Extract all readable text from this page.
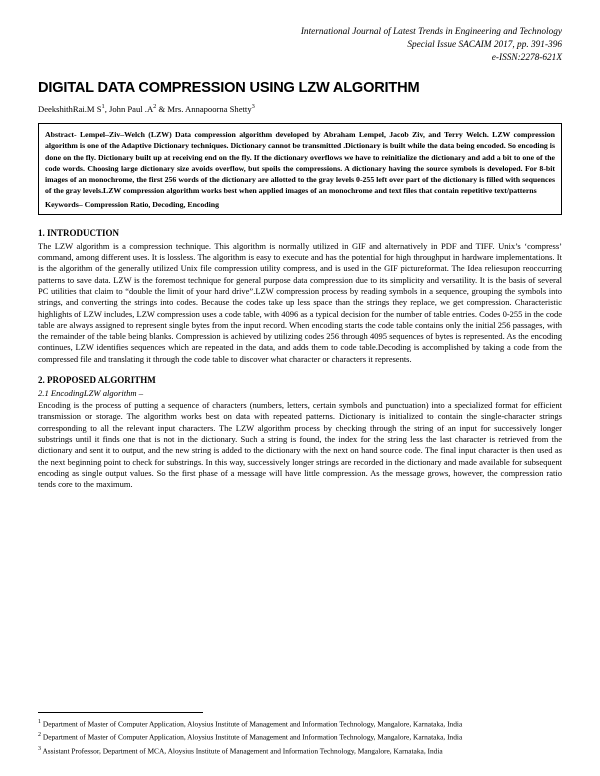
International Journal of Latest Trends in Engineering and Technology
Special Issue SACAIM 2017, pp. 391-396
e-ISSN:2278-621X
DIGITAL DATA COMPRESSION USING LZW ALGORITHM
DeekshithRai.M $S^1$, John Paul $.A^2$ & Mrs. Annapoorna Shetty$^3$

Abstract- Lempel–Ziv–Welch (LZW) Data compression algorithm developed by Abraham Lempel, Jacob Ziv, and Terry Welch. LZW compression algorithm is one of the Adaptive Dictionary techniques. Dictionary cannot be transmitted .Dictionary is built while the data being encoded. So encoding is done on the fly. Dictionary built up at receiving end on the fly. If the dictionary overflows we have to reinitialize the dictionary and add a bit to one of the code words. Choosing large dictionary size avoids overflow, but spoils the compressions. A dictionary having the source symbols is developed. For 8-bit images of an monochrome, the first 256 words of the dictionary are allotted to the gray levels 0-255 left over part of the dictionary is filled with sequences of the gray levels.LZW compression algorithm works best when applied images of an monochrome and text files that contain repetitive text/patterns

Keywords– Compression Ratio, Decoding, Encoding

1. INTRODUCTION

The LZW algorithm is a compression technique. This algorithm is normally utilized in GIF and alternatively in PDF and TIFF. Unix’s ‘compress’ command, among different uses. It is lossless. The algorithm is easy to execute and has the potential for high throughput in hardware implementations. It is the algorithm of the generally utilized Unix file compression utility compress, and is used in the GIF pictureformat. The Idea reliesupon reoccurring patterns to save data. LZW is the foremost technique for general purpose data compression due to its simplicity and versatility. It is the basis of several PC utilities that claim to “double the limit of your hard drive”.LZW compression process by reading symbols in a sequence, grouping the symbols into strings, and converting the strings into codes. Because the codes take up less space than the strings they replace, we get compression. Characteristic highlights of LZW includes, LZW compression uses a code table, with 4096 as a typical decision for the number of table entries. Codes 0-255 in the code table are always assigned to represent single bytes from the input record. When encoding starts the code table contains only the initial 256 passages, with the remainder of the table being blanks. Compression is achieved by utilizing codes 256 through 4095 sequences of bytes is represented. As the encoding continues, LZW identifies sequences which are repeated in the data, and adds them to code table.Decoding is accomplished by taking a code from the compressed file and translating it through the code table to discover what character or characters it represents.

2. PROPOSED ALGORITHM
2.1 EncodingLZW algorithm –

Encoding is the process of putting a sequence of characters (numbers, letters, certain symbols and punctuation) into a specialized format for efficient transmission or storage. The algorithm works best on data with repeated patterns. Dictionary is initialized to contain the single-character strings corresponding to all the relevant input characters. The LZW algorithm process by checking through the string of an input for successively longer substrings until it finds one that is not in the dictionary. Such a string is found, the index for the string less the last character is retrieved from the dictionary and sent it to output, and the new string is added to the dictionary with the next on hand source code. The final input character is then used as the next beginning point to check for substrings. In this way, successively longer strings are recorded in the dictionary and made available for subsequent encoding as single output values. So the first phase of a message will have little compression. As the message grows, however, the compression ratio tends core to the maximum.

$^1$ Department of Master of Computer Application, Aloysius Institute of Management and Information Technology, Mangalore, Karnataka, India

$^2$ Department of Master of Computer Application, Aloysius Institute of Management and Information Technology, Mangalore, Karnataka, India

$^3$ Assistant Professor, Department of MCA, Aloysius Institute of Management and Information Technology, Mangalore, Karnataka, India
